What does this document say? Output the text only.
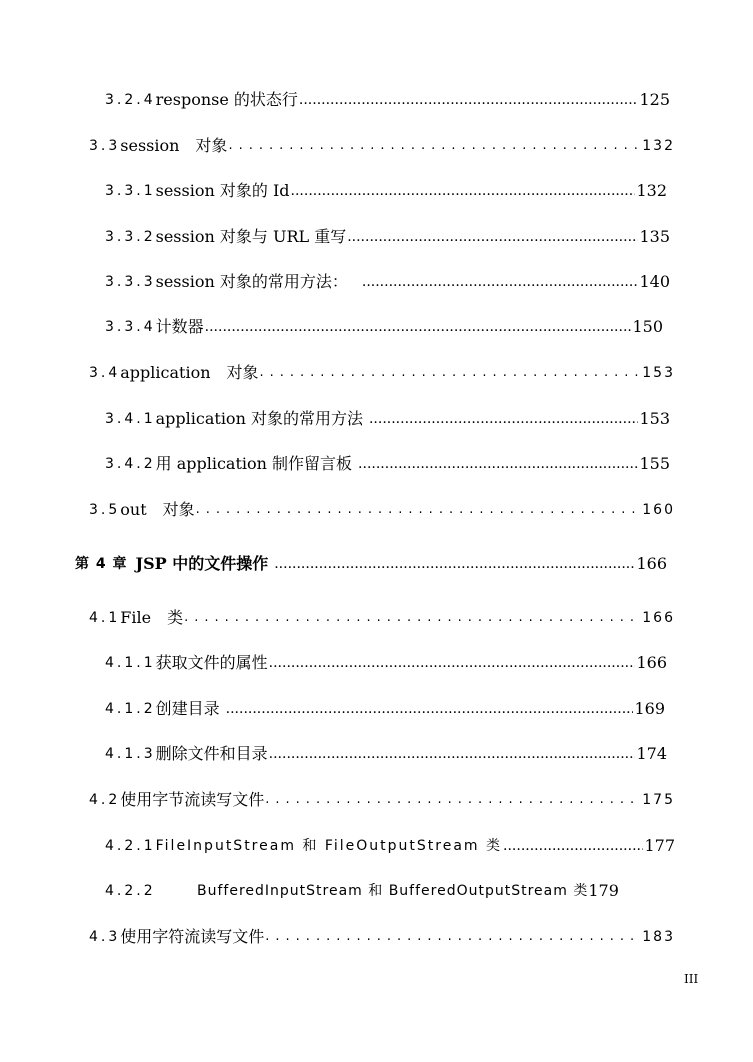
3.2.4 response 的状态行 .....	125
3.3 session　对象 .....	132
3.3.1 session 对象的 Id .....	132
3.3.2 session 对象与 URL 重写 .....	135
3.3.3 session 对象的常用方法： .....	140
3.3.4 计数器 .....	150
3.4 application　对象 .....	153
3.4.1 application 对象的常用方法 .....	153
3.4.2 用 application 制作留言板 .....	155
3.5 out　对象 .....	160
第 4 章 JSP 中的文件操作 .....	166
4.1 File　类 .....	166
4.1.1 获取文件的属性 .....	166
4.1.2 创建目录 .....	169
4.1.3 删除文件和目录 .....	174
4.2 使用字节流读写文件 .....	175
4.2.1 FileInputStream 和 FileOutputStream 类 .....	177
4.2.2	BufferedInputStream 和 BufferedOutputStream 类 179
4.3 使用字符流读写文件 .....	183
III
